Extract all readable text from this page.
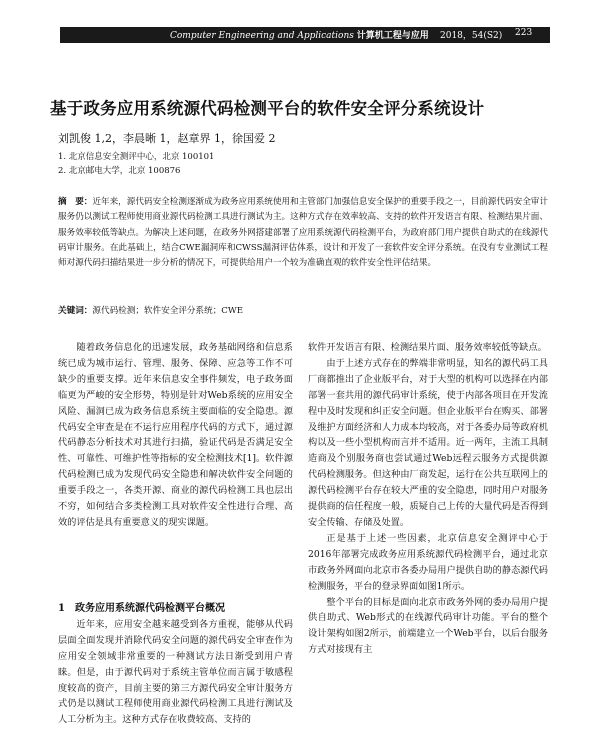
Computer Engineering and Applications 计算机工程与应用 2018，54(S2) 223
基于政务应用系统源代码检测平台的软件安全评分系统设计
刘凯俊 1,2，李晨晰 1，赵章界 1，徐国爱 2
1. 北京信息安全测评中心，北京 100101
2. 北京邮电大学，北京 100876
摘　要：近年来，源代码安全检测逐渐成为政务应用系统使用和主管部门加强信息安全保护的重要手段之一，目前源代码安全审计服务仍以测试工程师使用商业源代码检测工具进行测试为主。这种方式存在效率较高、支持的软件开发语言有限、检测结果片面、服务效率较低等缺点。为解决上述问题，在政务外网搭建部署了应用系统源代码检测平台，为政府部门用户提供自助式的在线源代码审计服务。在此基础上，结合CWE漏洞库和CWSS漏洞评估体系，设计和开发了一套软件安全评分系统。在没有专业测试工程师对源代码扫描结果进一步分析的情况下，可提供给用户一个较为准确直观的软件安全性评估结果。
关键词：源代码检测；软件安全评分系统；CWE

随着政务信息化的迅速发展，政务基础网络和信息系统已成为城市运行、管理、服务、保障、应急等工作不可缺少的重要支撑。近年来信息安全事件频发，电子政务面临更为严峻的安全形势，特别是针对Web系统的应用安全风险、漏洞已成为政务信息系统主要面临的安全隐患。源代码安全审查是在不运行应用程序代码的方式下，通过源代码静态分析技术对其进行扫描，验证代码是否满足安全性、可靠性、可维护性等指标的安全检测技术[1]。软件源代码检测已成为发现代码安全隐患和解决软件安全问题的重要手段之一，各类开源、商业的源代码检测工具也层出不穷，如何结合多类检测工具对软件安全性进行合理、高效的评估是具有重要意义的现实课题。

1　政务应用系统源代码检测平台概况

近年来，应用安全越来越受到各方重视，能够从代码层面全面发现并消除代码安全问题的源代码安全审查作为应用安全领域非常重要的一种测试方法日渐受到用户青睐。但是，由于源代码对于系统主管单位而言属于敏感程度较高的资产，目前主要的第三方源代码安全审计服务方式仍是以测试工程师使用商业源代码检测工具进行测试及人工分析为主。这种方式存在收费较高、支持的

软件开发语言有限、检测结果片面、服务效率较低等缺点。

由于上述方式存在的弊端非常明显，知名的源代码工具厂商都推出了企业版平台，对于大型的机构可以选择在内部部署一套共用的源代码审计系统，使于内部各项目在开发流程中及时发现和纠正安全问题。但企业版平台在购买、部署及维护方面经济和人力成本均较高，对于各委办局等政府机构以及一些小型机构而言并不适用。近一两年，主流工具制造商及个别服务商也尝试通过Web远程云服务方式提供源代码检测服务。但这种由厂商发起，运行在公共互联网上的源代码检测平台存在较大严重的安全隐患，同时用户对服务提供商的信任程度一般，质疑自己上传的大量代码是否得到安全传输、存储及处置。

正是基于上述一些因素，北京信息安全测评中心于2016年部署完成政务应用系统源代码检测平台，通过北京市政务外网面向北京市各委办局用户提供自助的静态源代码检测服务，平台的登录界面如图1所示。

整个平台的目标是面向北京市政务外网的委办局用户提供自助式、Web形式的在线源代码审计功能。平台的整个设计架构如图2所示，前端建立一个Web平台，以后台服务方式对接现有主
